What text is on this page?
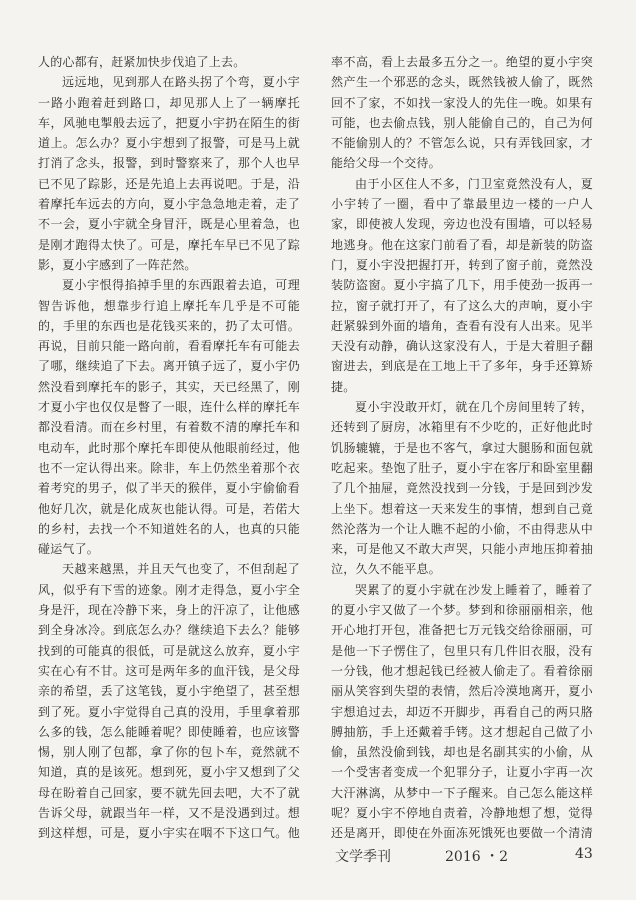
人的心都有，赶紧加快步伐追了上去。

远远地，见到那人在路头拐了个弯，夏小宇一路小跑着赶到路口，却见那人上了一辆摩托车，风驰电掣般去远了，把夏小宇扔在陌生的街道上。怎么办？夏小宇想到了报警，可是马上就打消了念头，报警，到时警察来了，那个人也早已不见了踪影，还是先追上去再说吧。于是，沿着摩托车远去的方向，夏小宇急急地走着，走了不一会，夏小宇就全身冒汗，既是心里着急，也是刚才跑得太快了。可是，摩托车早已不见了踪影，夏小宇感到了一阵茫然。

夏小宇恨得掐掉手里的东西跟着去追，可理智告诉他，想靠步行追上摩托车几乎是不可能的，手里的东西也是花钱买来的，扔了太可惜。再说，目前只能一路向前，看看摩托车有可能去了哪，继续追了下去。离开镇子远了，夏小宇仍然没看到摩托车的影子，其实，天已经黑了，刚才夏小宇也仅仅是瞥了一眼，连什么样的摩托车都没看清。而在乡村里，有着数不清的摩托车和电动车，此时那个摩托车即使从他眼前经过，他也不一定认得出来。除非，车上仍然坐着那个衣着考究的男子，似了半天的猴伴，夏小宇偷偷看他好几次，就是化成灰也能认得。可是，若偌大的乡村，去找一个不知道姓名的人，也真的只能碰运气了。

天越来越黑，并且天气也变了，不但刮起了风，似乎有下雪的迹象。刚才走得急，夏小宇全身是汗，现在冷静下来，身上的汗凉了，让他感到全身冰冷。到底怎么办？继续追下去么？能够找到的可能真的很低，可是就这么放弃，夏小宇实在心有不甘。这可是两年多的血汗钱，是父母亲的希望，丢了这笔钱，夏小宇绝望了，甚至想到了死。夏小宇觉得自己真的没用，手里拿着那么多的钱，怎么能睡着呢？即使睡着，也应该警惕，别人刚了包都，拿了你的包卜车，竟然就不知道，真的是该死。想到死，夏小宇又想到了父母在盼着自己回家，要不就先回去吧，大不了就告诉父母，就跟当年一样，又不是没遇到过。想到这样想，可是，夏小宇实在咽不下这口气。他

率不高，看上去最多五分之一。绝望的夏小宇突然产生一个邪恶的念头，既然钱被人偷了，既然回不了家，不如找一家没人的先住一晚。如果有可能，也去偷点钱，别人能偷自己的，自己为何不能偷别人的？不管怎么说，只有弄钱回家，才能给父母一个交待。

由于小区住人不多，门卫室竟然没有人，夏小宇转了一圈，看中了靠最里边一楼的一户人家，即使被人发现，旁边也没有围墙，可以轻易地逃身。他在这家门前看了看，却是新装的防盗门，夏小宇没把握打开，转到了窗子前，竟然没装防盗窗。夏小宇搞了几下，用手使劲一扳再一拉，窗子就打开了，有了这么大的声响，夏小宇赶紧躲到外面的墙角，查看有没有人出来。见半天没有动静，确认这家没有人，于是大着胆子翻窗进去，到底是在工地上干了多年，身手还算矫捷。

夏小宇没敢开灯，就在几个房间里转了转，还转到了厨房，冰箱里有不少吃的，正好他此时饥肠辘辘，于是也不客气，拿过大腿肠和面包就吃起来。垫饱了肚子，夏小宇在客厅和卧室里翻了几个抽屉，竟然没找到一分钱，于是回到沙发上坐下。想着这一天来发生的事情，想到自己竟然沦落为一个让人瞧不起的小偷，不由得悲从中来，可是他又不敢大声哭，只能小声地压抑着抽泣，久久不能平息。

哭累了的夏小宇就在沙发上睡着了，睡着了的夏小宇又做了一个梦。梦到和徐丽丽相亲，他开心地打开包，准备把七万元钱交给徐丽丽，可是他一下子愣住了，包里只有几件旧衣服，没有一分钱，他才想起钱已经被人偷走了。看着徐丽丽从笑容到失望的表情，然后冷漠地离开，夏小宇想追过去，却迈不开脚步，再看自己的两只胳膊抽筋，手上还戴着手铐。这才想起自己做了小偷，虽然没偷到钱，却也是名副其实的小偷，从一个受害者变成一个犯罪分子，让夏小宇再一次大汗淋漓，从梦中一下子醒来。自己怎么能这样呢？夏小宇不停地自责着，冷静地想了想，觉得还是离开，即使在外面冻死饿死也要做一个清清

文学季刊	2016 ・2	43
